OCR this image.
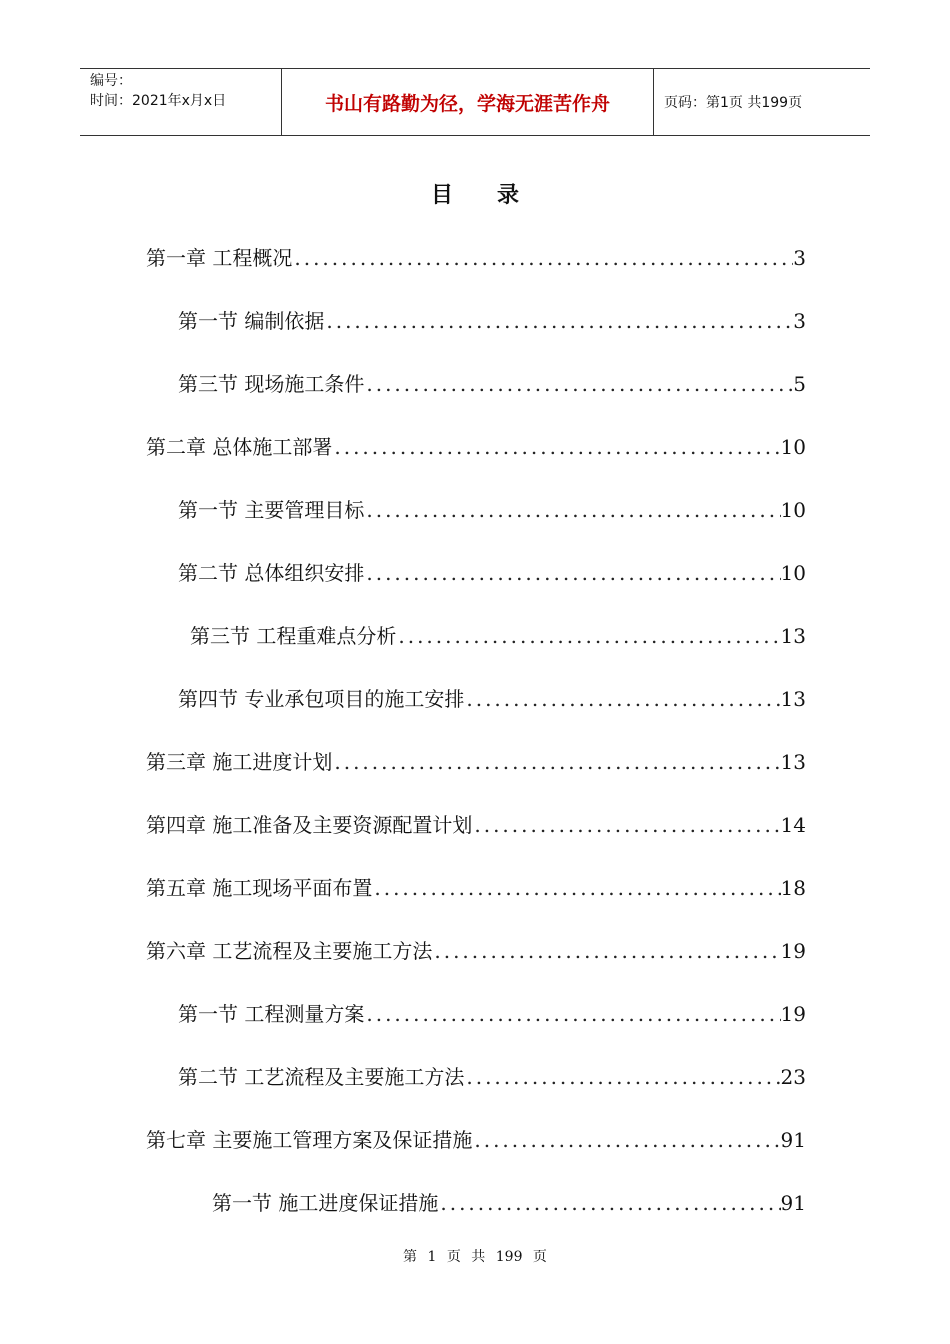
编号：
时间：2021年x月x日	书山有路勤为径，学海无涯苦作舟	页码：第1页 共199页
目录
第一章 工程概况 .....	3
第一节 编制依据 .....	3
第三节 现场施工条件 .....	5
第二章 总体施工部署 .....	10
第一节 主要管理目标 .....	10
第二节 总体组织安排 .....	10
第三节 工程重难点分析 .....	13
第四节 专业承包项目的施工安排 .....	13
第三章 施工进度计划 .....	13
第四章 施工准备及主要资源配置计划 .....	14
第五章 施工现场平面布置 .....	18
第六章 工艺流程及主要施工方法 .....	19
第一节 工程测量方案 .....	19
第二节 工艺流程及主要施工方法 .....	23
第七章 主要施工管理方案及保证措施 .....	91
第一节 施工进度保证措施 .....	91
第 1 页 共 199 页
